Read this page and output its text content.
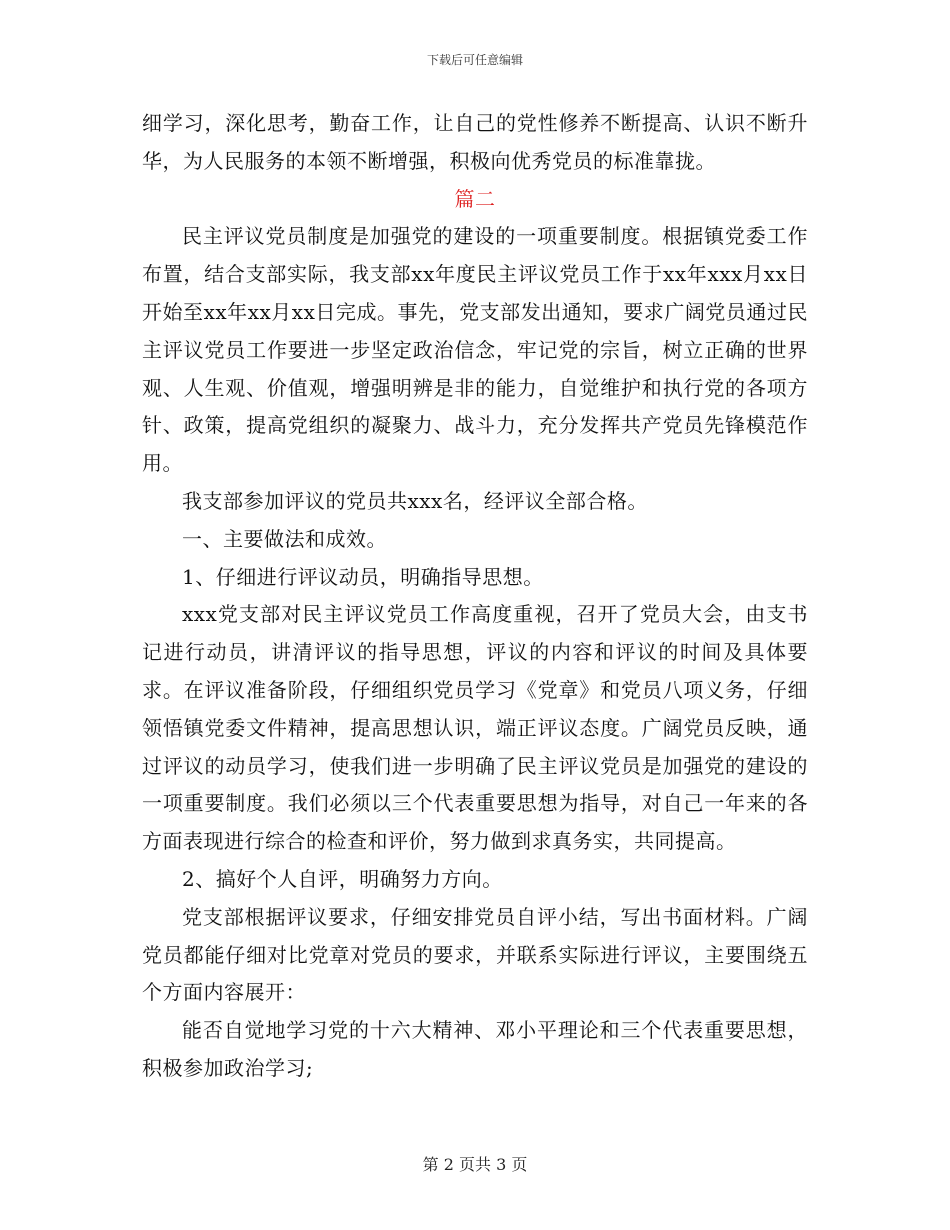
下载后可任意编辑

细学习，深化思考，勤奋工作，让自己的党性修养不断提高、认识不断升华，为人民服务的本领不断增强，积极向优秀党员的标准靠拢。

篇二

民主评议党员制度是加强党的建设的一项重要制度。根据镇党委工作布置，结合支部实际，我支部xx年度民主评议党员工作于xx年xxx月xx日开始至xx年xx月xx日完成。事先，党支部发出通知，要求广阔党员通过民主评议党员工作要进一步坚定政治信念，牢记党的宗旨，树立正确的世界观、人生观、价值观，增强明辨是非的能力，自觉维护和执行党的各项方针、政策，提高党组织的凝聚力、战斗力，充分发挥共产党员先锋模范作用。

我支部参加评议的党员共xxx名，经评议全部合格。

一、主要做法和成效。

1、仔细进行评议动员，明确指导思想。

xxx党支部对民主评议党员工作高度重视，召开了党员大会，由支书记进行动员，讲清评议的指导思想，评议的内容和评议的时间及具体要求。在评议准备阶段，仔细组织党员学习《党章》和党员八项义务，仔细领悟镇党委文件精神，提高思想认识，端正评议态度。广阔党员反映，通过评议的动员学习，使我们进一步明确了民主评议党员是加强党的建设的一项重要制度。我们必须以三个代表重要思想为指导，对自己一年来的各方面表现进行综合的检查和评价，努力做到求真务实，共同提高。

2、搞好个人自评，明确努力方向。

党支部根据评议要求，仔细安排党员自评小结，写出书面材料。广阔党员都能仔细对比党章对党员的要求，并联系实际进行评议，主要围绕五个方面内容展开：

能否自觉地学习党的十六大精神、邓小平理论和三个代表重要思想，积极参加政治学习;

第 2 页共 3 页
